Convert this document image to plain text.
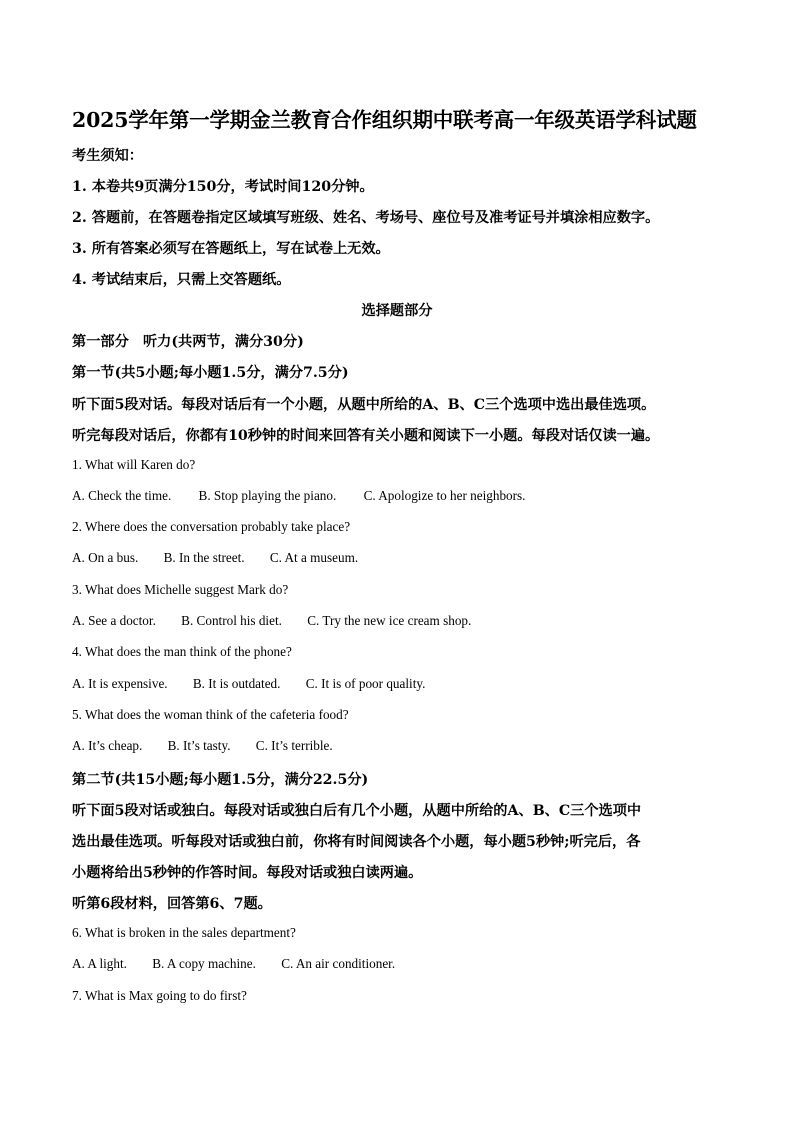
2025学年第一学期金兰教育合作组织期中联考高一年级英语学科试题
考生须知：
1. 本卷共9页满分150分，考试时间120分钟。
2. 答题前，在答题卷指定区域填写班级、姓名、考场号、座位号及准考证号并填涂相应数字。
3. 所有答案必须写在答题纸上，写在试卷上无效。
4. 考试结束后，只需上交答题纸。
选择题部分
第一部分　听力(共两节，满分30分)
第一节(共5小题;每小题1.5分，满分7.5分)
听下面5段对话。每段对话后有一个小题，从题中所给的A、B、C三个选项中选出最佳选项。
听完每段对话后，你都有10秒钟的时间来回答有关小题和阅读下一小题。每段对话仅读一遍。
1. What will Karen do?
A. Check the time. B. Stop playing the piano. C. Apologize to her neighbors.
2. Where does the conversation probably take place?
A. On a bus. B. In the street. C. At a museum.
3. What does Michelle suggest Mark do?
A. See a doctor. B. Control his diet. C. Try the new ice cream shop.
4. What does the man think of the phone?
A. It is expensive. B. It is outdated. C. It is of poor quality.
5. What does the woman think of the cafeteria food?
A. It’s cheap. B. It’s tasty. C. It’s terrible.
第二节(共15小题;每小题1.5分，满分22.5分)
听下面5段对话或独白。每段对话或独白后有几个小题，从题中所给的A、B、C三个选项中
选出最佳选项。听每段对话或独白前，你将有时间阅读各个小题，每小题5秒钟;听完后，各
小题将给出5秒钟的作答时间。每段对话或独白读两遍。
听第6段材料，回答第6、7题。
6. What is broken in the sales department?
A. A light. B. A copy machine. C. An air conditioner.
7. What is Max going to do first?
